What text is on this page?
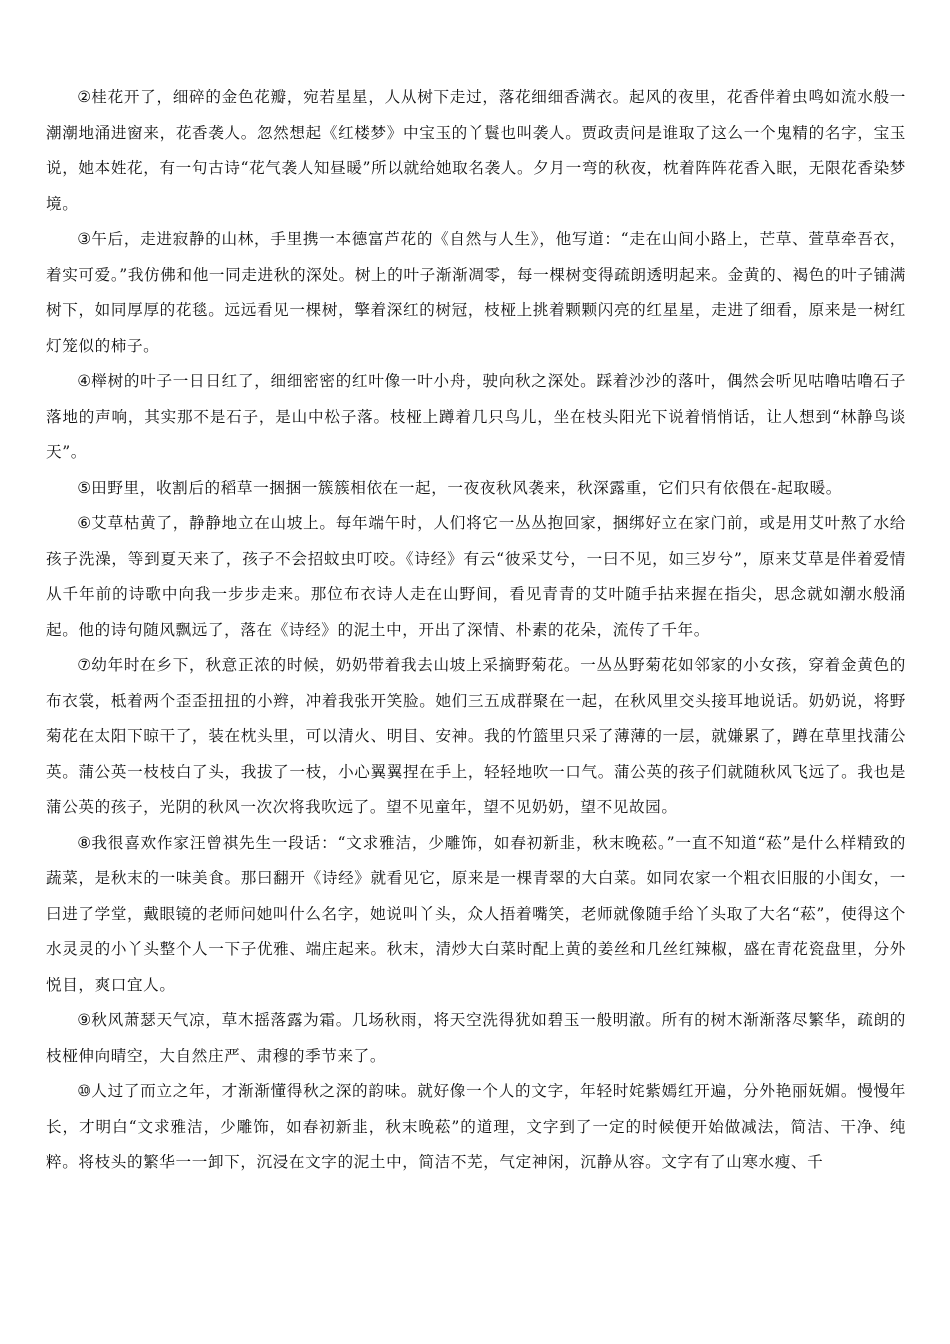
②桂花开了，细碎的金色花瓣，宛若星星，人从树下走过，落花细细香满衣。起风的夜里，花香伴着虫鸣如流水般一潮潮地涌进窗来，花香袭人。忽然想起《红楼梦》中宝玉的丫鬟也叫袭人。贾政责问是谁取了这么一个鬼精的名字，宝玉说，她本姓花，有一句古诗“花气袭人知昼暖”所以就给她取名袭人。夕月一弯的秋夜，枕着阵阵花香入眠，无限花香染梦境。

③午后，走进寂静的山林，手里携一本德富芦花的《自然与人生》，他写道：“走在山间小路上，芒草、萱草牵吾衣，着实可爱。”我仿佛和他一同走进秋的深处。树上的叶子渐渐凋零，每一棵树变得疏朗透明起来。金黄的、褐色的叶子铺满树下，如同厚厚的花毯。远远看见一棵树，擎着深红的树冠，枝桠上挑着颗颗闪亮的红星星，走进了细看，原来是一树红灯笼似的柿子。

④榉树的叶子一日日红了，细细密密的红叶像一叶小舟，驶向秋之深处。踩着沙沙的落叶，偶然会听见咕噜咕噜石子落地的声响，其实那不是石子，是山中松子落。枝桠上蹲着几只鸟儿，坐在枝头阳光下说着悄悄话，让人想到“林静鸟谈天”。

⑤田野里，收割后的稻草一捆捆一簇簇相依在一起，一夜夜秋风袭来，秋深露重，它们只有依偎在-起取暖。

⑥艾草枯黄了，静静地立在山坡上。每年端午时，人们将它一丛丛抱回家，捆绑好立在家门前，或是用艾叶熬了水给孩子洗澡，等到夏天来了，孩子不会招蚊虫叮咬。《诗经》有云“彼采艾兮，一曰不见，如三岁兮”，原来艾草是伴着爱情从千年前的诗歌中向我一步步走来。那位布衣诗人走在山野间，看见青青的艾叶随手拈来握在指尖，思念就如潮水般涌起。他的诗句随风飘远了，落在《诗经》的泥土中，开出了深情、朴素的花朵，流传了千年。

⑦幼年时在乡下，秋意正浓的时候，奶奶带着我去山坡上采摘野菊花。一丛丛野菊花如邻家的小女孩，穿着金黄色的布衣裳，柢着两个歪歪扭扭的小辫，冲着我张开笑脸。她们三五成群聚在一起，在秋风里交头接耳地说话。奶奶说，将野菊花在太阳下晾干了，装在枕头里，可以清火、明目、安神。我的竹篮里只采了薄薄的一层，就嫌累了，蹲在草里找蒲公英。蒲公英一枝枝白了头，我拔了一枝，小心翼翼捏在手上，轻轻地吹一口气。蒲公英的孩子们就随秋风飞远了。我也是蒲公英的孩子，光阴的秋风一次次将我吹远了。望不见童年，望不见奶奶，望不见故园。

⑧我很喜欢作家汪曾祺先生一段话：“文求雅洁，少雕饰，如春初新韭，秋末晚菘。”一直不知道“菘”是什么样精致的蔬菜，是秋末的一味美食。那曰翻开《诗经》就看见它，原来是一棵青翠的大白菜。如同农家一个粗衣旧服的小闺女，一曰进了学堂，戴眼镜的老师问她叫什么名字，她说叫丫头，众人捂着嘴笑，老师就像随手给丫头取了大名“菘”，使得这个水灵灵的小丫头整个人一下子优雅、端庄起来。秋末，清炒大白菜时配上黄的姜丝和几丝红辣椒，盛在青花瓷盘里，分外悦目，爽口宜人。

⑨秋风萧瑟天气凉，草木摇落露为霜。几场秋雨，将天空洗得犹如碧玉一般明澈。所有的树木渐渐落尽繁华，疏朗的枝桠伸向晴空，大自然庄严、肃穆的季节来了。

⑩人过了而立之年，才渐渐懂得秋之深的韵味。就好像一个人的文字，年轻时姹紫嫣红开遍，分外艳丽妩媚。慢慢年长，才明白“文求雅洁，少雕饰，如春初新韭，秋末晚菘”的道理，文字到了一定的时候便开始做减法，简洁、干净、纯粹。将枝头的繁华一一卸下，沉浸在文字的泥土中，简洁不芜，气定神闲，沉静从容。文字有了山寒水瘦、千
